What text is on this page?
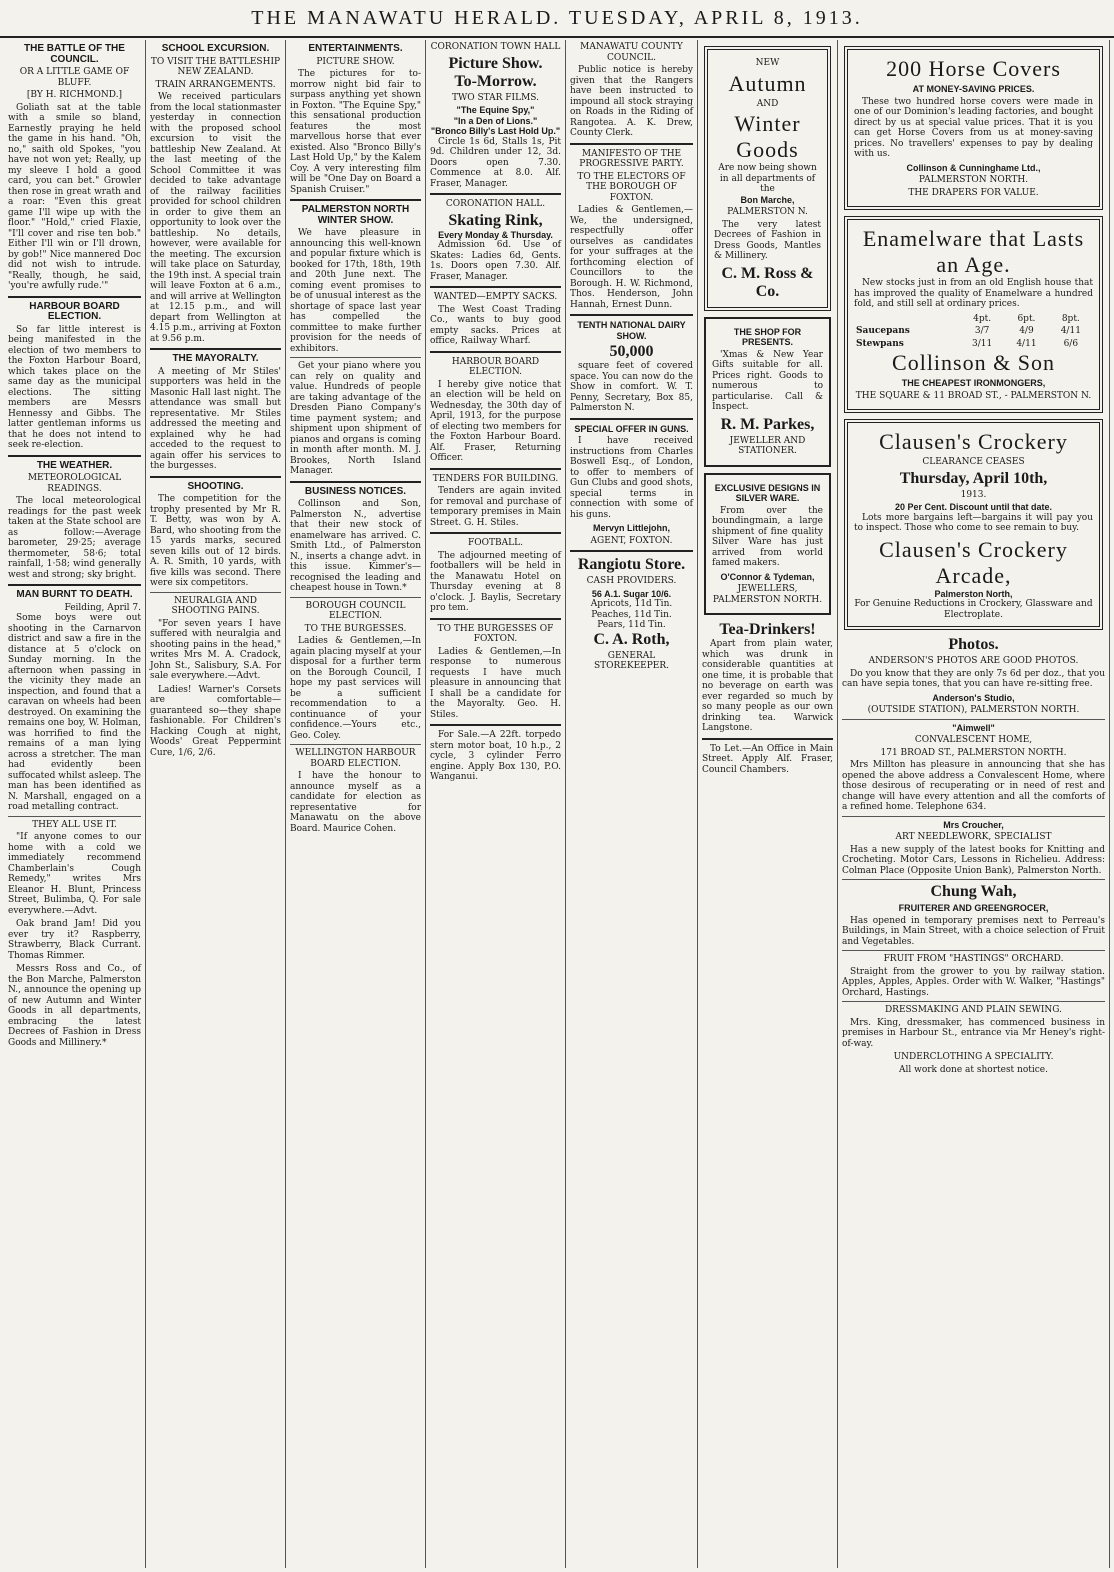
THE MANAWATU HERALD. TUESDAY, APRIL 8, 1913.
THE BATTLE OF THE COUNCIL.
OR A LITTLE GAME OF BLUFF.
[BY H. RICHMOND.]

Goliath sat at the table with a smile so bland, Earnestly praying he held the game in his hand. "Oh, no," saith old Spokes, "you have not won yet; Really, up my sleeve I hold a good card, you can bet." Growler then rose in great wrath and a roar: "Even this great game I'll wipe up with the floor." "Hold," cried Flaxie, "I'll cover and rise ten bob." Either I'll win or I'll drown, by gob!" Nice mannered Doc did not wish to intrude. "Really, though, he said, 'you're awfully rude.'"

HARBOUR BOARD ELECTION.

So far little interest is being manifested in the election of two members to the Foxton Harbour Board, which takes place on the same day as the municipal elections. The sitting members are Messrs Hennessy and Gibbs. The latter gentleman informs us that he does not intend to seek re-election.

THE WEATHER.
METEOROLOGICAL READINGS.

The local meteorological readings for the past week taken at the State school are as follow:—Average barometer, 29·25; average thermometer, 58·6; total rainfall, 1·58; wind generally west and strong; sky bright.

MAN BURNT TO DEATH.
Feilding, April 7.

Some boys were out shooting in the Carnarvon district and saw a fire in the distance at 5 o'clock on Sunday morning. In the afternoon when passing in the vicinity they made an inspection, and found that a caravan on wheels had been destroyed. On examining the remains one boy, W. Holman, was horrified to find the remains of a man lying across a stretcher. The man had evidently been suffocated whilst asleep. The man has been identified as N. Marshall, engaged on a road metalling contract.

THEY ALL USE IT.

"If anyone comes to our home with a cold we immediately recommend Chamberlain's Cough Remedy," writes Mrs Eleanor H. Blunt, Princess Street, Bulimba, Q. For sale everywhere.—Advt.

Oak brand Jam! Did you ever try it? Raspberry, Strawberry, Black Currant. Thomas Rimmer.

Messrs Ross and Co., of the Bon Marche, Palmerston N., announce the opening up of new Autumn and Winter Goods in all departments, embracing the latest Decrees of Fashion in Dress Goods and Millinery.*

SCHOOL EXCURSION.
TO VISIT THE BATTLESHIP NEW ZEALAND.
TRAIN ARRANGEMENTS.

We received particulars from the local stationmaster yesterday in connection with the proposed school excursion to visit the battleship New Zealand. At the last meeting of the School Committee it was decided to take advantage of the railway facilities provided for school children in order to give them an opportunity to look over the battleship. No details, however, were available for the meeting. The excursion will take place on Saturday, the 19th inst. A special train will leave Foxton at 6 a.m., and will arrive at Wellington at 12.15 p.m., and will depart from Wellington at 4.15 p.m., arriving at Foxton at 9.56 p.m.

THE MAYORALTY.

A meeting of Mr Stiles' supporters was held in the Masonic Hall last night. The attendance was small but representative. Mr Stiles addressed the meeting and explained why he had acceded to the request to again offer his services to the burgesses.

SHOOTING.

The competition for the trophy presented by Mr R. T. Betty, was won by A. Bard, who shooting from the 15 yards marks, secured seven kills out of 12 birds. A. R. Smith, 10 yards, with five kills was second. There were six competitors.

NEURALGIA AND SHOOTING PAINS.

"For seven years I have suffered with neuralgia and shooting pains in the head," writes Mrs M. A. Cradock, John St., Salisbury, S.A. For sale everywhere.—Advt.

Ladies! Warner's Corsets are comfortable—guaranteed so—they shape fashionable. For Children's Hacking Cough at night, Woods' Great Peppermint Cure, 1/6, 2/6.

ENTERTAINMENTS.
PICTURE SHOW.

The pictures for to-morrow night bid fair to surpass anything yet shown in Foxton. "The Equine Spy," this sensational production features the most marvellous horse that ever existed. Also "Bronco Billy's Last Hold Up," by the Kalem Coy. A very interesting film will be "One Day on Board a Spanish Cruiser."

PALMERSTON NORTH WINTER SHOW.

We have pleasure in announcing this well-known and popular fixture which is booked for 17th, 18th, 19th and 20th June next. The coming event promises to be of unusual interest as the shortage of space last year has compelled the committee to make further provision for the needs of exhibitors.

Get your piano where you can rely on quality and value. Hundreds of people are taking advantage of the Dresden Piano Company's time payment system; and shipment upon shipment of pianos and organs is coming in month after month. M. J. Brookes, North Island Manager.

BUSINESS NOTICES.

Collinson and Son, Palmerston N., advertise that their new stock of enamelware has arrived. C. Smith Ltd., of Palmerston N., inserts a change advt. in this issue. Kimmer's—recognised the leading and cheapest house in Town.*

BOROUGH COUNCIL ELECTION.
TO THE BURGESSES.

Ladies & Gentlemen,—In again placing myself at your disposal for a further term on the Borough Council, I hope my past services will be a sufficient recommendation to a continuance of your confidence.—Yours etc., Geo. Coley.

WELLINGTON HARBOUR BOARD ELECTION.

I have the honour to announce myself as a candidate for election as representative for Manawatu on the above Board. Maurice Cohen.

CORONATION TOWN HALL
Picture Show.
To-Morrow.
TWO STAR FILMS.
"The Equine Spy,"
"In a Den of Lions."
"Bronco Billy's Last Hold Up."

Circle 1s 6d, Stalls 1s, Pit 9d. Children under 12, 3d. Doors open 7.30. Commence at 8.0. Alf. Fraser, Manager.

CORONATION HALL.
Skating Rink,
Every Monday & Thursday.

Admission 6d. Use of Skates: Ladies 6d, Gents. 1s. Doors open 7.30. Alf. Fraser, Manager.

WANTED—EMPTY SACKS.

The West Coast Trading Co., wants to buy good empty sacks. Prices at office, Railway Wharf.

HARBOUR BOARD ELECTION.

I hereby give notice that an election will be held on Wednesday, the 30th day of April, 1913, for the purpose of electing two members for the Foxton Harbour Board. Alf. Fraser, Returning Officer.

TENDERS FOR BUILDING.

Tenders are again invited for removal and purchase of temporary premises in Main Street. G. H. Stiles.

FOOTBALL.

The adjourned meeting of footballers will be held in the Manawatu Hotel on Thursday evening at 8 o'clock. J. Baylis, Secretary pro tem.

TO THE BURGESSES OF FOXTON.

Ladies & Gentlemen,—In response to numerous requests I have much pleasure in announcing that I shall be a candidate for the Mayoralty. Geo. H. Stiles.

For Sale.—A 22ft. torpedo stern motor boat, 10 h.p., 2 cycle, 3 cylinder Ferro engine. Apply Box 130, P.O. Wanganui.

MANAWATU COUNTY COUNCIL.

Public notice is hereby given that the Rangers have been instructed to impound all stock straying on Roads in the Riding of Rangotea. A. K. Drew, County Clerk.

MANIFESTO OF THE PROGRESSIVE PARTY.
TO THE ELECTORS OF THE BOROUGH OF FOXTON.

Ladies & Gentlemen,—We, the undersigned, respectfully offer ourselves as candidates for your suffrages at the forthcoming election of Councillors to the Borough. H. W. Richmond, Thos. Henderson, John Hannah, Ernest Dunn.

TENTH NATIONAL DAIRY SHOW.
50,000

square feet of covered space. You can now do the Show in comfort. W. T. Penny, Secretary, Box 85, Palmerston N.

SPECIAL OFFER IN GUNS.

I have received instructions from Charles Boswell Esq., of London, to offer to members of Gun Clubs and good shots, special terms in connection with some of his guns.

Mervyn Littlejohn,
AGENT, FOXTON.
Rangiotu Store.
CASH PROVIDERS.
56 A.1. Sugar 10/6.
Apricots, 11d Tin.
Peaches, 11d Tin.
Pears, 11d Tin.
C. A. Roth,
GENERAL STOREKEEPER.
NEW
Autumn
AND
Winter
Goods
Are now being shown in all departments of the
Bon Marche,
PALMERSTON N.

The very latest Decrees of Fashion in Dress Goods, Mantles & Millinery.

C. M. Ross & Co.
THE SHOP FOR PRESENTS.

'Xmas & New Year Gifts suitable for all. Prices right. Goods to numerous to particularise. Call & Inspect.

R. M. Parkes,
JEWELLER AND STATIONER.
EXCLUSIVE DESIGNS IN SILVER WARE.

From over the boundingmain, a large shipment of fine quality Silver Ware has just arrived from world famed makers.

O'Connor & Tydeman,
JEWELLERS, PALMERSTON NORTH.
Tea-Drinkers!

Apart from plain water, which was drunk in considerable quantities at one time, it is probable that no beverage on earth was ever regarded so much by so many people as our own drinking tea. Warwick Langstone.

To Let.—An Office in Main Street. Apply Alf. Fraser, Council Chambers.

200 Horse Covers
AT MONEY-SAVING PRICES.

These two hundred horse covers were made in one of our Dominion's leading factories, and bought direct by us at special value prices. That it is you can get Horse Covers from us at money-saving prices. No travellers' expenses to pay by dealing with us.

Collinson & Cunninghame Ltd.,
PALMERSTON NORTH.
THE DRAPERS FOR VALUE.
Enamelware that Lasts an Age.

New stocks just in from an old English house that has improved the quality of Enamelware a hundred fold, and still sell at ordinary prices.

	4pt.	6pt.	8pt.
Saucepans	3/7	4/9	4/11
Stewpans	3/11	4/11	6/6
Collinson & Son
THE CHEAPEST IRONMONGERS,
THE SQUARE & 11 BROAD ST., - PALMERSTON N.
Clausen's Crockery
CLEARANCE CEASES
Thursday, April 10th,
1913.
20 Per Cent. Discount until that date.

Lots more bargains left—bargains it will pay you to inspect. Those who come to see remain to buy.

Clausen's Crockery Arcade,
Palmerston North,
For Genuine Reductions in Crockery, Glassware and Electroplate.
Photos.
ANDERSON'S PHOTOS ARE GOOD PHOTOS.

Do you know that they are only 7s 6d per doz., that you can have sepia tones, that you can have re-sitting free.

Anderson's Studio,
(OUTSIDE STATION), PALMERSTON NORTH.
"Aimwell"
CONVALESCENT HOME,
171 BROAD ST., PALMERSTON NORTH.

Mrs Millton has pleasure in announcing that she has opened the above address a Convalescent Home, where those desirous of recuperating or in need of rest and change will have every attention and all the comforts of a refined home. Telephone 634.

Mrs Croucher,
ART NEEDLEWORK, SPECIALIST

Has a new supply of the latest books for Knitting and Crocheting. Motor Cars, Lessons in Richelieu. Address: Colman Place (Opposite Union Bank), Palmerston North.

Chung Wah,
FRUITERER AND GREENGROCER,

Has opened in temporary premises next to Perreau's Buildings, in Main Street, with a choice selection of Fruit and Vegetables.

FRUIT FROM "HASTINGS" ORCHARD.

Straight from the grower to you by railway station. Apples, Apples, Apples. Order with W. Walker, "Hastings" Orchard, Hastings.

DRESSMAKING AND PLAIN SEWING.

Mrs. King, dressmaker, has commenced business in premises in Harbour St., entrance via Mr Heney's right-of-way.

UNDERCLOTHING A SPECIALITY.
All work done at shortest notice.
